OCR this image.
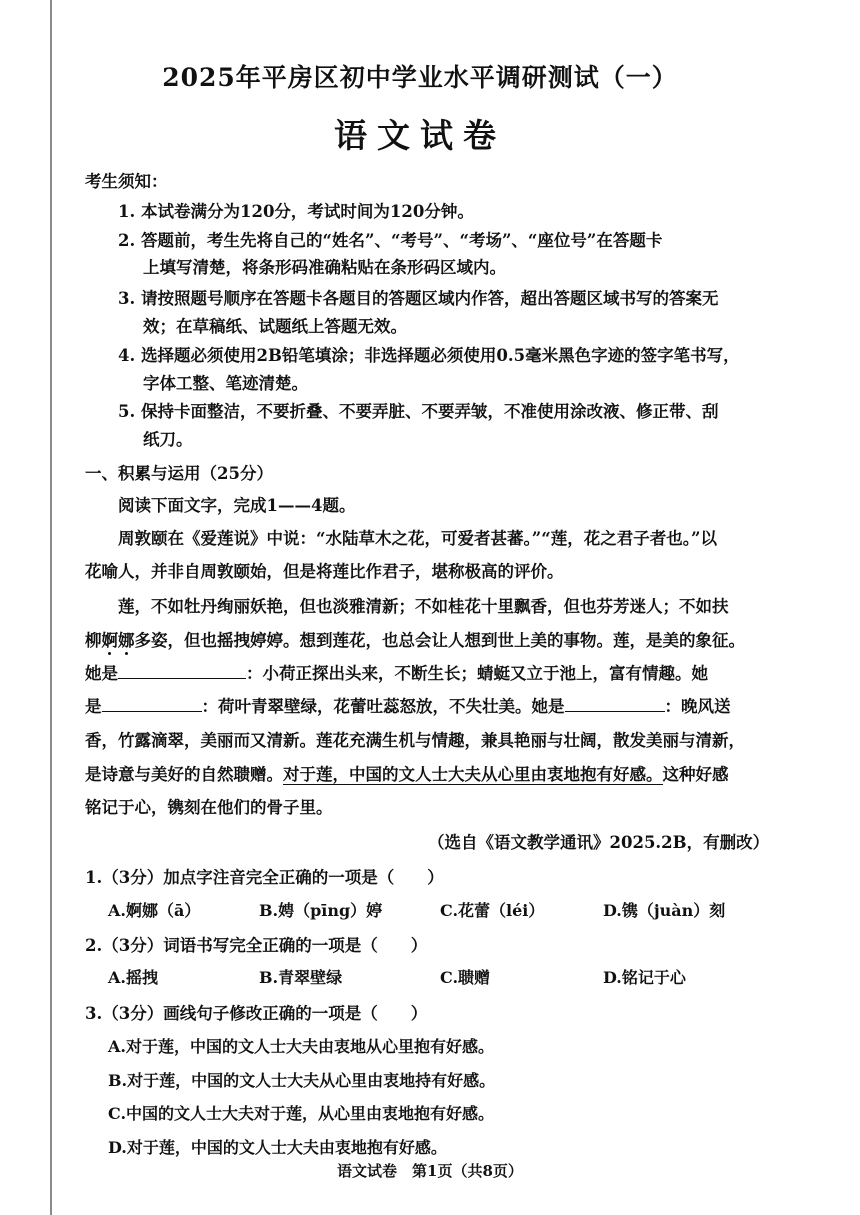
2025年平房区初中学业水平调研测试（一）
语文试卷
考生须知：
1. 本试卷满分为120分，考试时间为120分钟。
2. 答题前，考生先将自己的“姓名”、“考号”、“考场”、“座位号”在答题卡
上填写清楚，将条形码准确粘贴在条形码区域内。
3. 请按照题号顺序在答题卡各题目的答题区域内作答，超出答题区域书写的答案无
效；在草稿纸、试题纸上答题无效。
4. 选择题必须使用2B铅笔填涂；非选择题必须使用0.5毫米黑色字迹的签字笔书写，
字体工整、笔迹清楚。
5. 保持卡面整洁，不要折叠、不要弄脏、不要弄皱，不准使用涂改液、修正带、刮
纸刀。
一、积累与运用（25分）
阅读下面文字，完成1——4题。
周敦颐在《爱莲说》中说：“水陆草木之花，可爱者甚蕃。”“莲，花之君子者也。”以
花喻人，并非自周敦颐始，但是将莲比作君子，堪称极高的评价。
莲，不如牡丹绚丽妖艳，但也淡雅清新；不如桂花十里飘香，但也芬芳迷人；不如扶
柳婀娜多姿，但也摇拽婷婷。想到莲花，也总会让人想到世上美的事物。莲，是美的象征。
她是	：小荷正探出头来，不断生长；蜻蜓又立于池上，富有情趣。她
是	：荷叶青翠壁绿，花蕾吐蕊怒放，不失壮美。她是	：晚风送
香，竹露滴翠，美丽而又清新。莲花充满生机与情趣，兼具艳丽与壮阔，散发美丽与清新，
是诗意与美好的自然聩赠。对于莲，中国的文人士大夫从心里由衷地抱有好感。这种好感
铭记于心，镌刻在他们的骨子里。
（选自《语文教学通讯》2025.2B，有删改）
1.（3分）加点字注音完全正确的一项是（　　）
A.婀娜（ā）	B.娉（pīng）婷	C.花蕾（léi）	D.镌（juàn）刻
2.（3分）词语书写完全正确的一项是（　　）
A.摇拽	B.青翠壁绿	C.聩赠	D.铭记于心
3.（3分）画线句子修改正确的一项是（　　）
A.对于莲，中国的文人士大夫由衷地从心里抱有好感。
B.对于莲，中国的文人士大夫从心里由衷地持有好感。
C.中国的文人士大夫对于莲，从心里由衷地抱有好感。
D.对于莲，中国的文人士大夫由衷地抱有好感。
语文试卷　第1页（共8页）
